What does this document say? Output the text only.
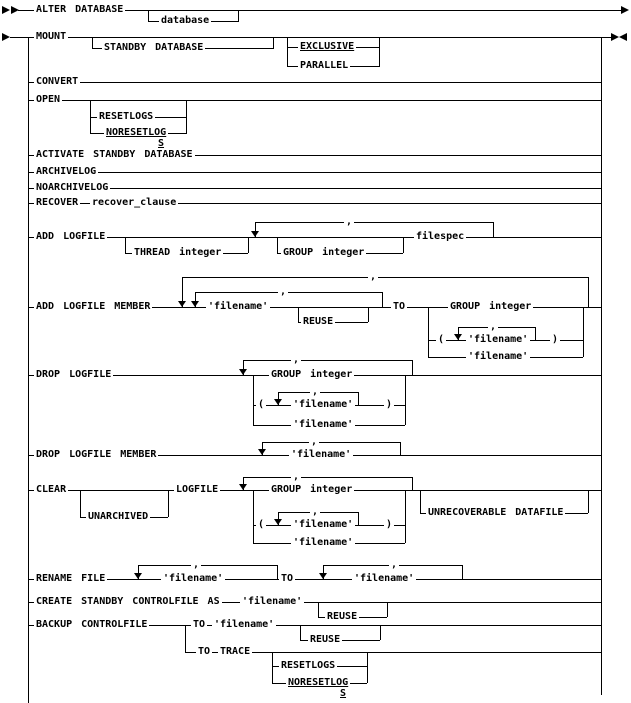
ALTER DATABASE
database
MOUNT
STANDBY DATABASE	EXCLUSIVE
PARALLEL
CONVERT
OPEN
RESETLOGS
NORESETLOG
S
ACTIVATE STANDBY DATABASE
ARCHIVELOG
NOARCHIVELOG
RECOVER recover_clause
ADD LOGFILE
THREAD integer
,
GROUP integer
filespec
ADD LOGFILE MEMBER
,
,
'filename'
REUSE
TO	GROUP integer
,
( 'filename' )
'filename'
DROP LOGFILE
,
GROUP integer
,
(	'filename'	)
'filename'
DROP LOGFILE MEMBER
,
'filename'
CLEAR
UNARCHIVED
LOGFILE
,
GROUP integer
,
(	'filename'	)
'filename'
UNRECOVERABLE DATAFILE
RENAME FILE
,
'filename'	TO
,
'filename'
CREATE STANDBY CONTROLFILE AS 'filename'
REUSE
BACKUP CONTROLFILE	TO 'filename'
REUSE
TO TRACE
RESETLOGS
NORESETLOG
S
